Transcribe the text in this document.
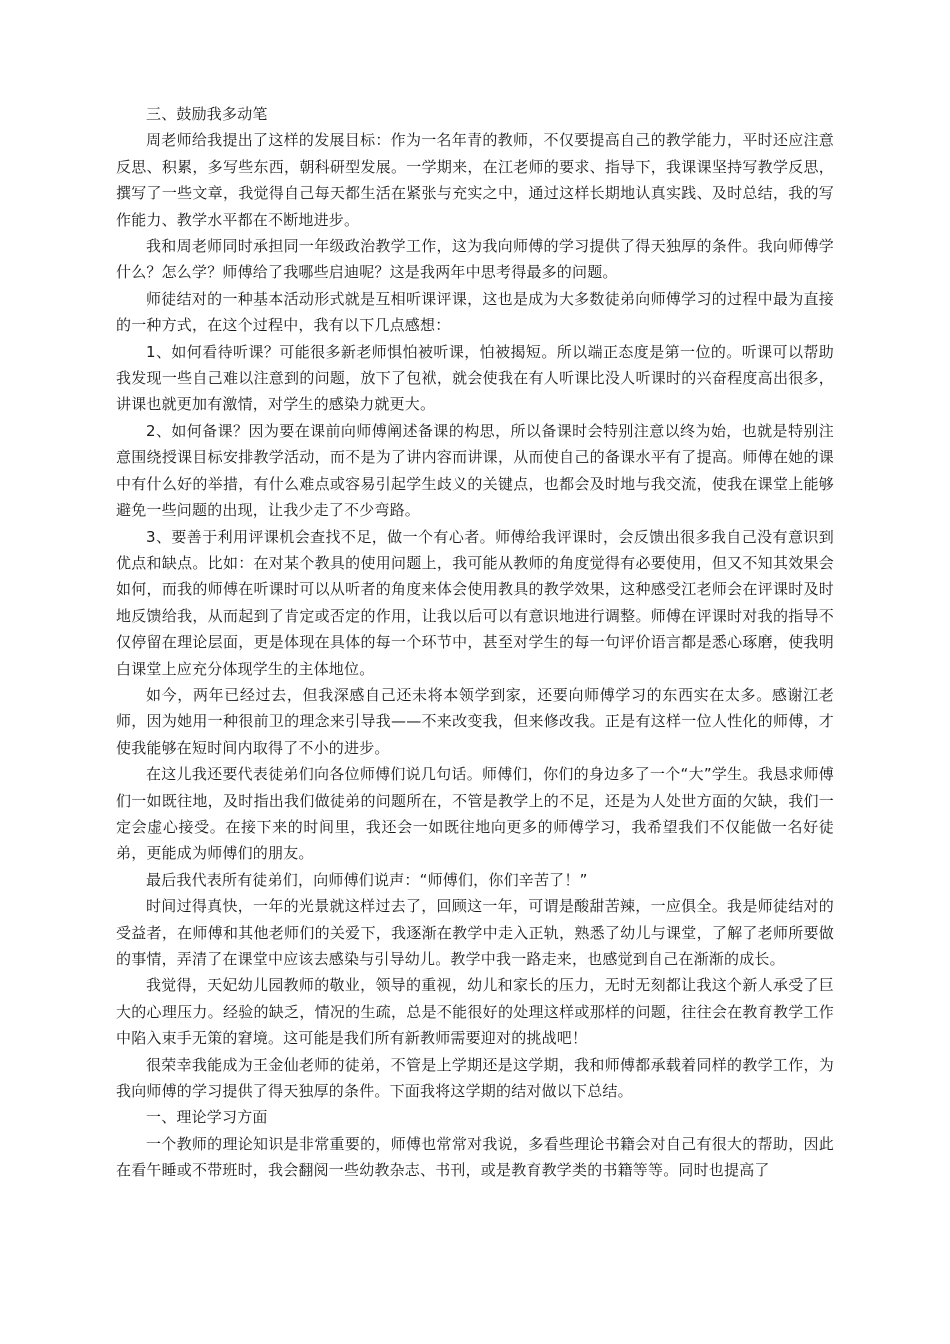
三、鼓励我多动笔

周老师给我提出了这样的发展目标：作为一名年青的教师，不仅要提高自己的教学能力，平时还应注意反思、积累，多写些东西，朝科研型发展。一学期来，在江老师的要求、指导下，我课课坚持写教学反思，撰写了一些文章，我觉得自己每天都生活在紧张与充实之中，通过这样长期地认真实践、及时总结，我的写作能力、教学水平都在不断地进步。

我和周老师同时承担同一年级政治教学工作，这为我向师傅的学习提供了得天独厚的条件。我向师傅学什么？怎么学？师傅给了我哪些启迪呢？这是我两年中思考得最多的问题。

师徒结对的一种基本活动形式就是互相听课评课，这也是成为大多数徒弟向师傅学习的过程中最为直接的一种方式，在这个过程中，我有以下几点感想：

1、如何看待听课？可能很多新老师惧怕被听课，怕被揭短。所以端正态度是第一位的。听课可以帮助我发现一些自己难以注意到的问题，放下了包袱，就会使我在有人听课比没人听课时的兴奋程度高出很多，讲课也就更加有激情，对学生的感染力就更大。

2、如何备课？因为要在课前向师傅阐述备课的构思，所以备课时会特别注意以终为始，也就是特别注意围绕授课目标安排教学活动，而不是为了讲内容而讲课，从而使自己的备课水平有了提高。师傅在她的课中有什么好的举措，有什么难点或容易引起学生歧义的关键点，也都会及时地与我交流，使我在课堂上能够避免一些问题的出现，让我少走了不少弯路。

3、要善于利用评课机会查找不足，做一个有心者。师傅给我评课时，会反馈出很多我自己没有意识到优点和缺点。比如：在对某个教具的使用问题上，我可能从教师的角度觉得有必要使用，但又不知其效果会如何，而我的师傅在听课时可以从听者的角度来体会使用教具的教学效果，这种感受江老师会在评课时及时地反馈给我，从而起到了肯定或否定的作用，让我以后可以有意识地进行调整。师傅在评课时对我的指导不仅停留在理论层面，更是体现在具体的每一个环节中，甚至对学生的每一句评价语言都是悉心琢磨，使我明白课堂上应充分体现学生的主体地位。

如今，两年已经过去，但我深感自己还未将本领学到家，还要向师傅学习的东西实在太多。感谢江老师，因为她用一种很前卫的理念来引导我——不来改变我，但来修改我。正是有这样一位人性化的师傅，才使我能够在短时间内取得了不小的进步。

在这儿我还要代表徒弟们向各位师傅们说几句话。师傅们，你们的身边多了一个“大”学生。我恳求师傅们一如既往地，及时指出我们做徒弟的问题所在，不管是教学上的不足，还是为人处世方面的欠缺，我们一定会虚心接受。在接下来的时间里，我还会一如既往地向更多的师傅学习，我希望我们不仅能做一名好徒弟，更能成为师傅们的朋友。

最后我代表所有徒弟们，向师傅们说声：“师傅们，你们辛苦了！”

时间过得真快，一年的光景就这样过去了，回顾这一年，可谓是酸甜苦辣，一应俱全。我是师徒结对的受益者，在师傅和其他老师们的关爱下，我逐渐在教学中走入正轨，熟悉了幼儿与课堂，了解了老师所要做的事情，弄清了在课堂中应该去感染与引导幼儿。教学中我一路走来，也感觉到自己在渐渐的成长。

我觉得，天妃幼儿园教师的敬业，领导的重视，幼儿和家长的压力，无时无刻都让我这个新人承受了巨大的心理压力。经验的缺乏，情况的生疏，总是不能很好的处理这样或那样的问题，往往会在教育教学工作中陷入束手无策的窘境。这可能是我们所有新教师需要迎对的挑战吧！

很荣幸我能成为王金仙老师的徒弟，不管是上学期还是这学期，我和师傅都承载着同样的教学工作，为我向师傅的学习提供了得天独厚的条件。下面我将这学期的结对做以下总结。

一、理论学习方面

一个教师的理论知识是非常重要的，师傅也常常对我说，多看些理论书籍会对自己有很大的帮助，因此在看午睡或不带班时，我会翻阅一些幼教杂志、书刊，或是教育教学类的书籍等等。同时也提高了
